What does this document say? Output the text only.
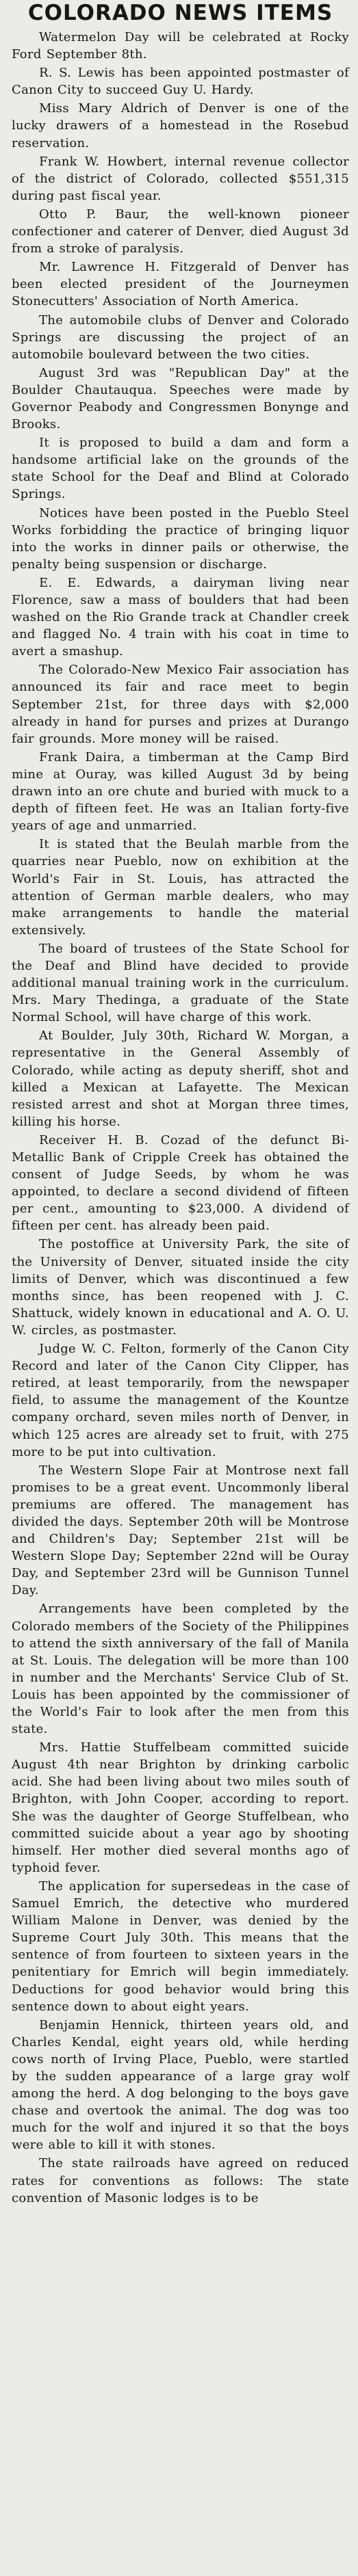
COLORADO NEWS ITEMS

Watermelon Day will be celebrated at Rocky Ford September 8th.

R. S. Lewis has been appointed postmaster of Canon City to succeed Guy U. Hardy.

Miss Mary Aldrich of Denver is one of the lucky drawers of a homestead in the Rosebud reservation.

Frank W. Howbert, internal revenue collector of the district of Colorado, collected $551,315 during past fiscal year.

Otto P. Baur, the well-known pioneer confectioner and caterer of Denver, died August 3d from a stroke of paralysis.

Mr. Lawrence H. Fitzgerald of Denver has been elected president of the Journeymen Stonecutters' Association of North America.

The automobile clubs of Denver and Colorado Springs are discussing the project of an automobile boulevard between the two cities.

August 3rd was "Republican Day" at the Boulder Chautauqua. Speeches were made by Governor Peabody and Congressmen Bonynge and Brooks.

It is proposed to build a dam and form a handsome artificial lake on the grounds of the state School for the Deaf and Blind at Colorado Springs.

Notices have been posted in the Pueblo Steel Works forbidding the practice of bringing liquor into the works in dinner pails or otherwise, the penalty being suspension or discharge.

E. E. Edwards, a dairyman living near Florence, saw a mass of boulders that had been washed on the Rio Grande track at Chandler creek and flagged No. 4 train with his coat in time to avert a smashup.

The Colorado-New Mexico Fair association has announced its fair and race meet to begin September 21st, for three days with $2,000 already in hand for purses and prizes at Durango fair grounds. More money will be raised.

Frank Daira, a timberman at the Camp Bird mine at Ouray, was killed August 3d by being drawn into an ore chute and buried with muck to a depth of fifteen feet. He was an Italian forty-five years of age and unmarried.

It is stated that the Beulah marble from the quarries near Pueblo, now on exhibition at the World's Fair in St. Louis, has attracted the attention of German marble dealers, who may make arrangements to handle the material extensively.

The board of trustees of the State School for the Deaf and Blind have decided to provide additional manual training work in the curriculum. Mrs. Mary Thedinga, a graduate of the State Normal School, will have charge of this work.

At Boulder, July 30th, Richard W. Morgan, a representative in the General Assembly of Colorado, while acting as deputy sheriff, shot and killed a Mexican at Lafayette. The Mexican resisted arrest and shot at Morgan three times, killing his horse.

Receiver H. B. Cozad of the defunct Bi-Metallic Bank of Cripple Creek has obtained the consent of Judge Seeds, by whom he was appointed, to declare a second dividend of fifteen per cent., amounting to $23,000. A dividend of fifteen per cent. has already been paid.

The postoffice at University Park, the site of the University of Denver, situated inside the city limits of Denver, which was discontinued a few months since, has been reopened with J. C. Shattuck, widely known in educational and A. O. U. W. circles, as postmaster.

Judge W. C. Felton, formerly of the Canon City Record and later of the Canon City Clipper, has retired, at least temporarily, from the newspaper field, to assume the management of the Kountze company orchard, seven miles north of Denver, in which 125 acres are already set to fruit, with 275 more to be put into cultivation.

The Western Slope Fair at Montrose next fall promises to be a great event. Uncommonly liberal premiums are offered. The management has divided the days. September 20th will be Montrose and Children's Day; September 21st will be Western Slope Day; September 22nd will be Ouray Day, and September 23rd will be Gunnison Tunnel Day.

Arrangements have been completed by the Colorado members of the Society of the Philippines to attend the sixth anniversary of the fall of Manila at St. Louis. The delegation will be more than 100 in number and the Merchants' Service Club of St. Louis has been appointed by the commissioner of the World's Fair to look after the men from this state.

Mrs. Hattie Stuffelbeam committed suicide August 4th near Brighton by drinking carbolic acid. She had been living about two miles south of Brighton, with John Cooper, according to report. She was the daughter of George Stuffelbean, who committed suicide about a year ago by shooting himself. Her mother died several months ago of typhoid fever.

The application for supersedeas in the case of Samuel Emrich, the detective who murdered William Malone in Denver, was denied by the Supreme Court July 30th. This means that the sentence of from fourteen to sixteen years in the penitentiary for Emrich will begin immediately. Deductions for good behavior would bring this sentence down to about eight years.

Benjamin Hennick, thirteen years old, and Charles Kendal, eight years old, while herding cows north of Irving Place, Pueblo, were startled by the sudden appearance of a large gray wolf among the herd. A dog belonging to the boys gave chase and overtook the animal. The dog was too much for the wolf and injured it so that the boys were able to kill it with stones.

The state railroads have agreed on reduced rates for conventions as follows: The state convention of Masonic lodges is to be
